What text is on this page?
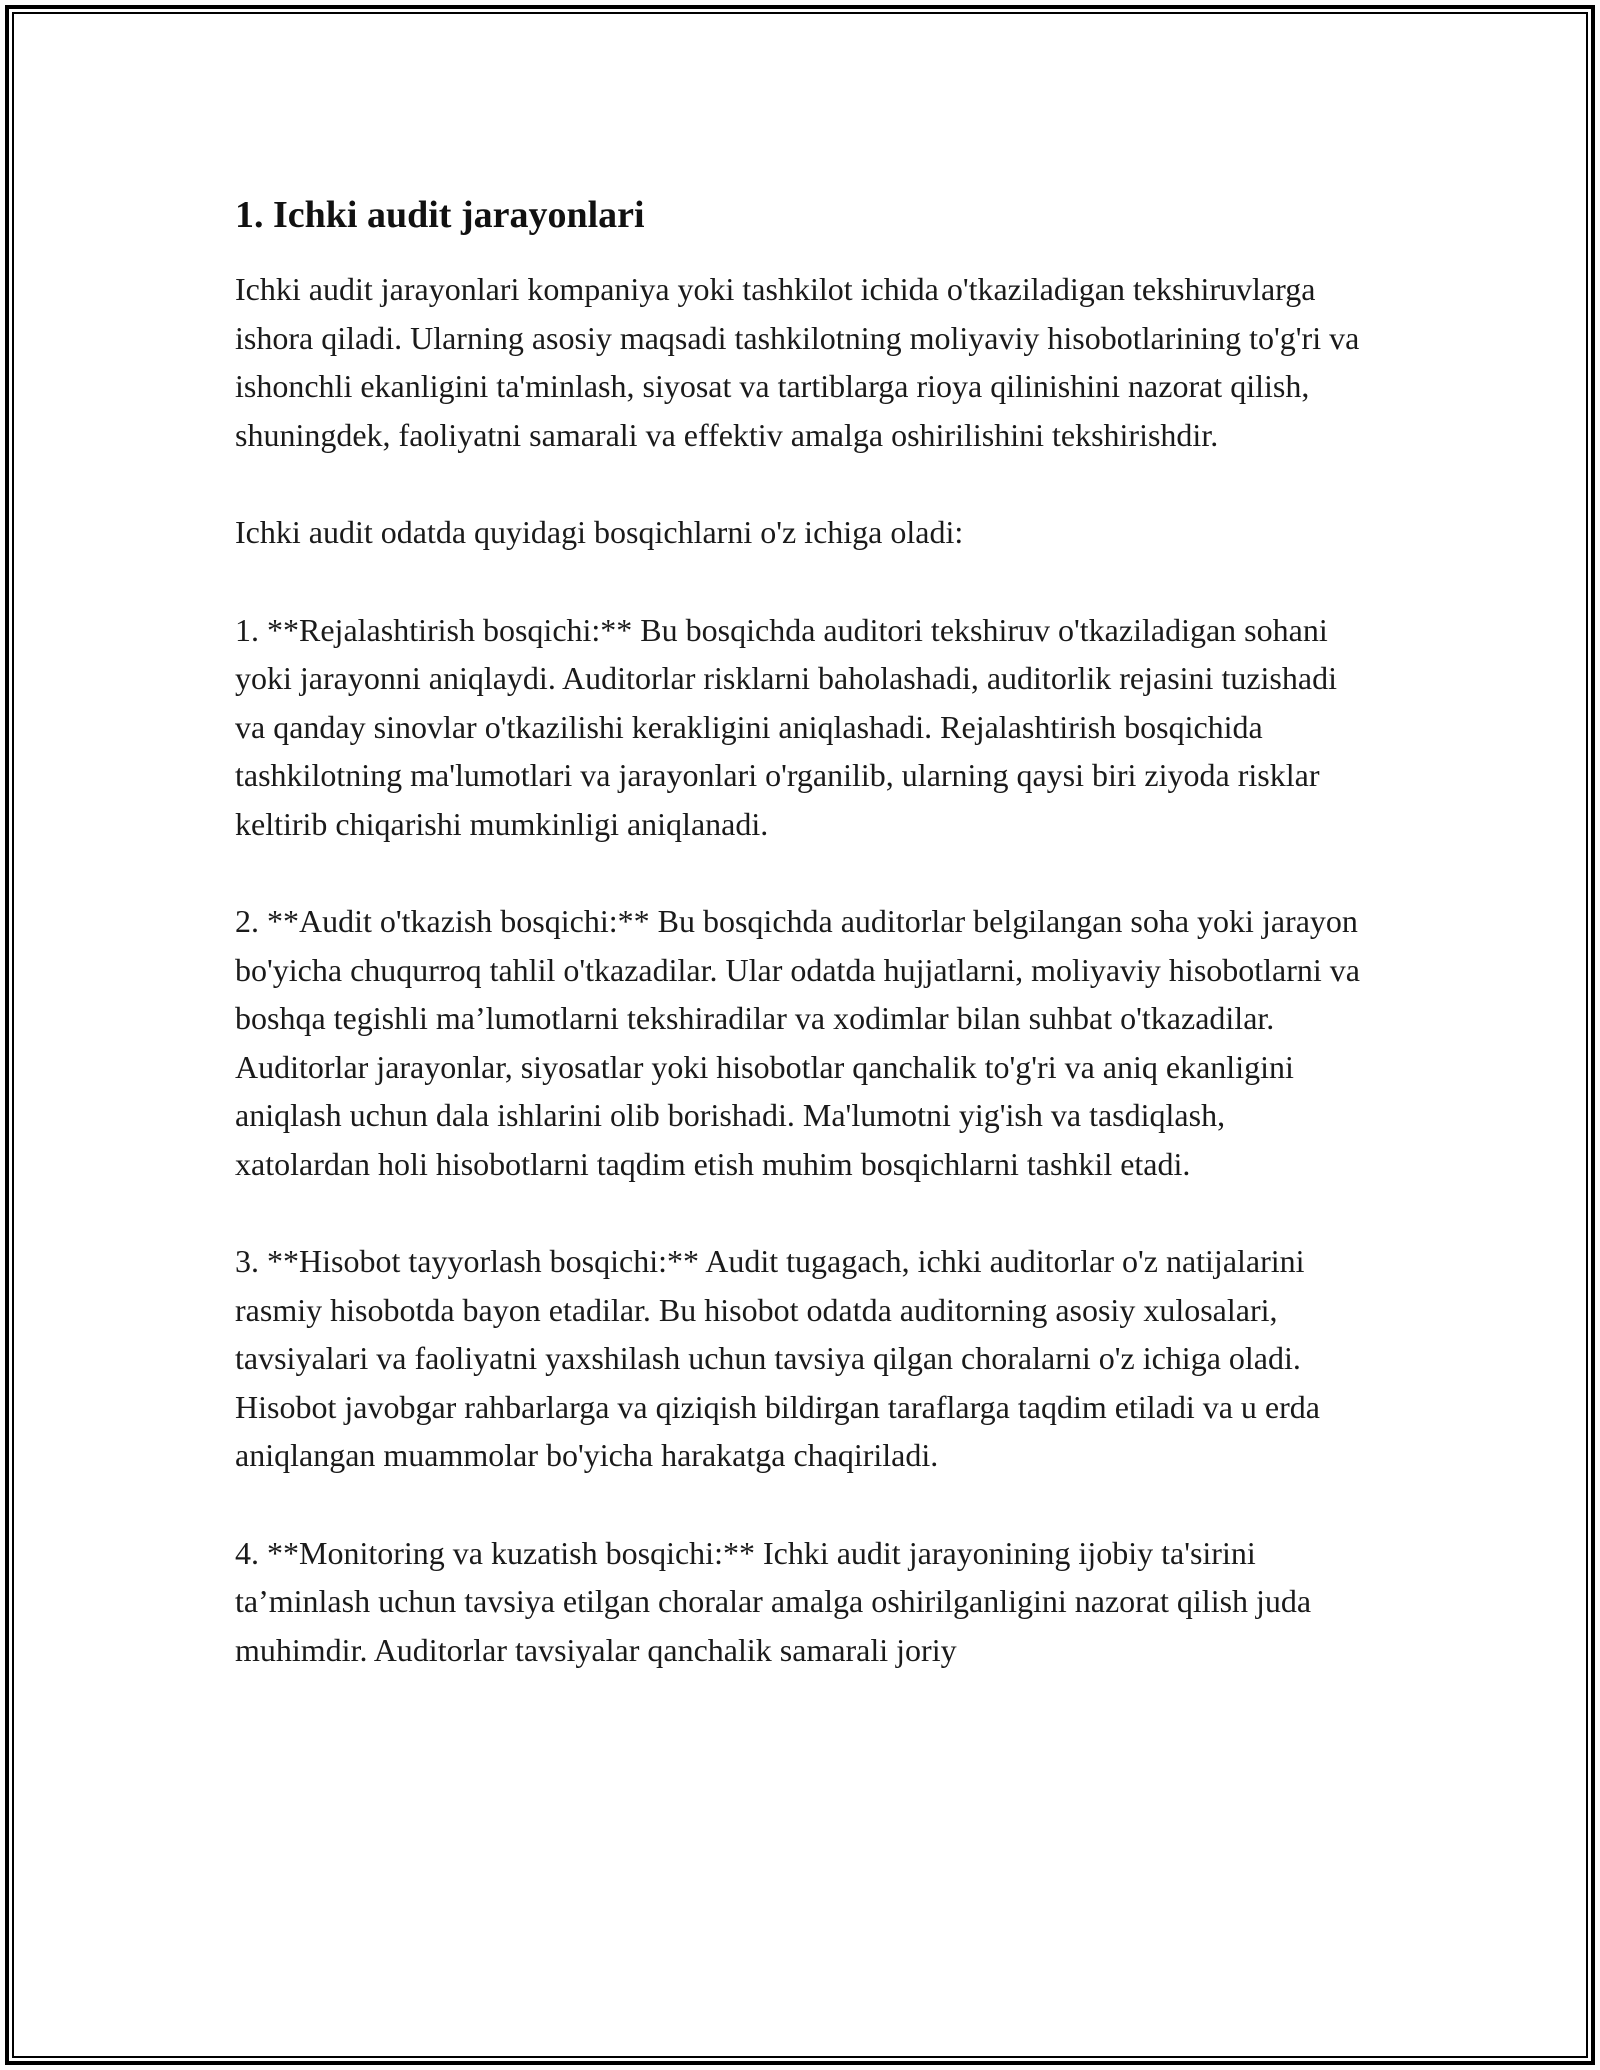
1. Ichki audit jarayonlari

Ichki audit jarayonlari kompaniya yoki tashkilot ichida o'tkaziladigan tekshiruvlarga ishora qiladi. Ularning asosiy maqsadi tashkilotning moliyaviy hisobotlarining to'g'ri va ishonchli ekanligini ta'minlash, siyosat va tartiblarga rioya qilinishini nazorat qilish, shuningdek, faoliyatni samarali va effektiv amalga oshirilishini tekshirishdir.

Ichki audit odatda quyidagi bosqichlarni o'z ichiga oladi:

1. **Rejalashtirish bosqichi:** Bu bosqichda auditori tekshiruv o'tkaziladigan sohani yoki jarayonni aniqlaydi. Auditorlar risklarni baholashadi, auditorlik rejasini tuzishadi va qanday sinovlar o'tkazilishi kerakligini aniqlashadi. Rejalashtirish bosqichida tashkilotning ma'lumotlari va jarayonlari o'rganilib, ularning qaysi biri ziyoda risklar keltirib chiqarishi mumkinligi aniqlanadi.

2. **Audit o'tkazish bosqichi:** Bu bosqichda auditorlar belgilangan soha yoki jarayon bo'yicha chuqurroq tahlil o'tkazadilar. Ular odatda hujjatlarni, moliyaviy hisobotlarni va boshqa tegishli ma’lumotlarni tekshiradilar va xodimlar bilan suhbat o'tkazadilar. Auditorlar jarayonlar, siyosatlar yoki hisobotlar qanchalik to'g'ri va aniq ekanligini aniqlash uchun dala ishlarini olib borishadi. Ma'lumotni yig'ish va tasdiqlash, xatolardan holi hisobotlarni taqdim etish muhim bosqichlarni tashkil etadi.

3. **Hisobot tayyorlash bosqichi:** Audit tugagach, ichki auditorlar o'z natijalarini rasmiy hisobotda bayon etadilar. Bu hisobot odatda auditorning asosiy xulosalari, tavsiyalari va faoliyatni yaxshilash uchun tavsiya qilgan choralarni o'z ichiga oladi. Hisobot javobgar rahbarlarga va qiziqish bildirgan taraflarga taqdim etiladi va u erda aniqlangan muammolar bo'yicha harakatga chaqiriladi.

4. **Monitoring va kuzatish bosqichi:** Ichki audit jarayonining ijobiy ta'sirini ta’minlash uchun tavsiya etilgan choralar amalga oshirilganligini nazorat qilish juda muhimdir. Auditorlar tavsiyalar qanchalik samarali joriy
